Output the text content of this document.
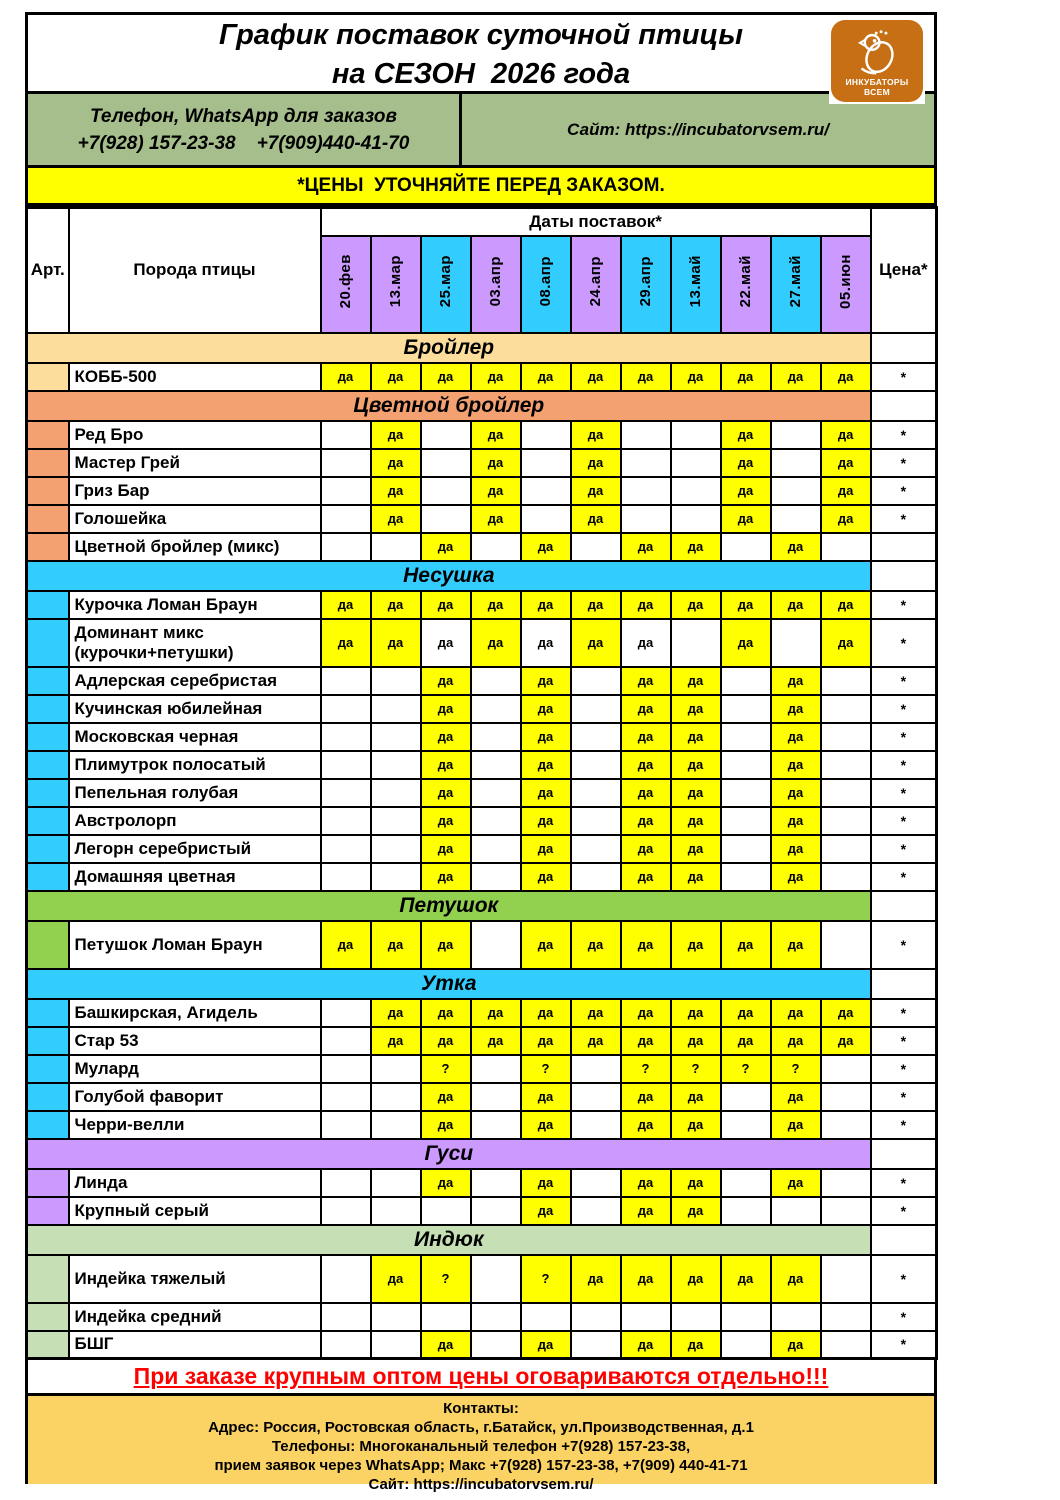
График поставок суточной птицы
на СЕЗОН  2026 года	ИНКУБАТОРЫ
ВСЕМ
Телефон, WhatsApp для заказов
+7(928) 157-23-38    +7(909)440-41-70
Сайт: https://incubatorvsem.ru/
*ЦЕНЫ  УТОЧНЯЙТЕ ПЕРЕД ЗАКАЗОМ.
Арт.	Порода птицы	Даты поставок*											Цена*
		20.фев	13.мар	25.мар	03.апр	08.апр	24.апр	29.апр	13.май	22.май	27.май	05.июн	
Бройлер													
	КОББ-500	да	да	да	да	да	да	да	да	да	да	да	*
Цветной бройлер													
	Ред Бро		да		да		да			да		да	*
	Мастер Грей		да		да		да			да		да	*
	Гриз Бар		да		да		да			да		да	*
	Голошейка		да		да		да			да		да	*
	Цветной бройлер (микс)			да		да		да	да		да		
Несушка													
	Курочка Ломан Браун	да	да	да	да	да	да	да	да	да	да	да	*
	Доминант микс (курочки+петушки)	да	да	да	да	да	да	да		да		да	*
	Адлерская серебристая			да		да		да	да		да		*
	Кучинская юбилейная			да		да		да	да		да		*
	Московская черная			да		да		да	да		да		*
	Плимутрок полосатый			да		да		да	да		да		*
	Пепельная голубая			да		да		да	да		да		*
	Австролорп			да		да		да	да		да		*
	Легорн серебристый			да		да		да	да		да		*
	Домашняя цветная			да		да		да	да		да		*
Петушок													
	Петушок Ломан Браун	да	да	да		да	да	да	да	да	да		*
Утка													
	Башкирская, Агидель		да	да	да	да	да	да	да	да	да	да	*
	Стар 53		да	да	да	да	да	да	да	да	да	да	*
	Мулард			?		?		?	?	?	?		*
	Голубой фаворит			да		да		да	да		да		*
	Черри-велли			да		да		да	да		да		*
Гуси													
	Линда			да		да		да	да		да		*
	Крупный серый					да		да	да				*
Индюк													
	Индейка тяжелый		да	?		?	да	да	да	да	да		*
	Индейка средний												*
	БШГ			да		да		да	да		да		*
При заказе крупным оптом цены оговариваются отдельно!!!
Контакты:
Адрес: Россия, Ростовская область, г.Батайск, ул.Производственная, д.1
Телефоны: Многоканальный телефон +7(928) 157-23-38,
прием заявок через WhatsApp; Макс +7(928) 157-23-38, +7(909) 440-41-71
Сайт: https://incubatorvsem.ru/
